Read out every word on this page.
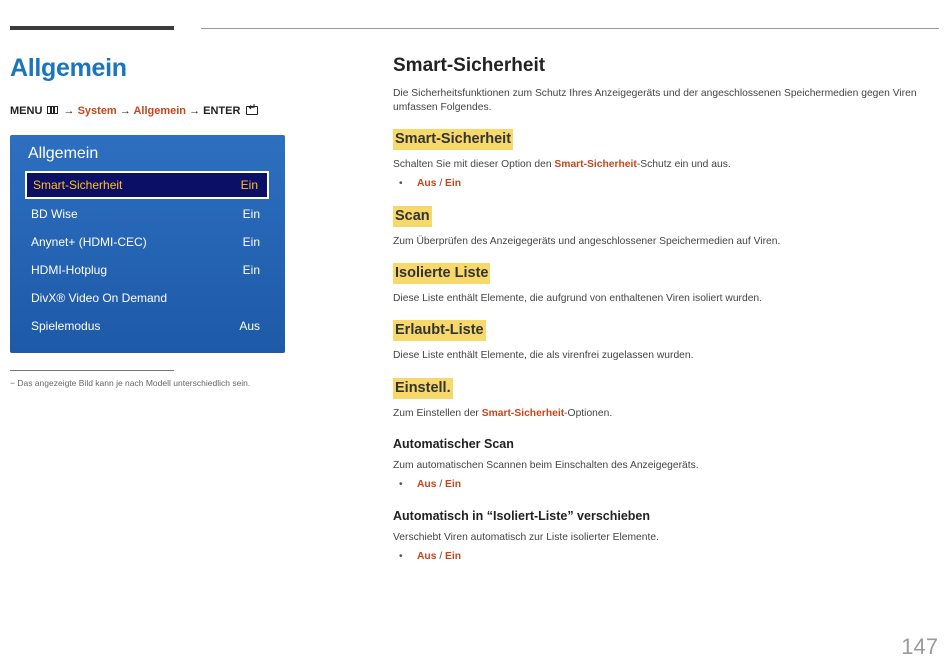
Allgemein
MENU → System → Allgemein → ENTER ↵
Allgemein
Smart-Sicherheit	Ein
BD Wise	Ein
Anynet+ (HDMI-CEC)	Ein
HDMI-Hotplug	Ein
DivX® Video On Demand
Spielemodus	Aus
− Das angezeigte Bild kann je nach Modell unterschiedlich sein.
Smart-Sicherheit
Die Sicherheitsfunktionen zum Schutz Ihres Anzeigegeräts und der angeschlossenen Speichermedien gegen Viren umfassen Folgendes.
Smart-Sicherheit
Schalten Sie mit dieser Option den Smart-Sicherheit-Schutz ein und aus.
• Aus / Ein
Scan
Zum Überprüfen des Anzeigegeräts und angeschlossener Speichermedien auf Viren.
Isolierte Liste
Diese Liste enthält Elemente, die aufgrund von enthaltenen Viren isoliert wurden.
Erlaubt-Liste
Diese Liste enthält Elemente, die als virenfrei zugelassen wurden.
Einstell.
Zum Einstellen der Smart-Sicherheit-Optionen.
Automatischer Scan
Zum automatischen Scannen beim Einschalten des Anzeigegeräts.
• Aus / Ein
Automatisch in “Isoliert-Liste” verschieben
Verschiebt Viren automatisch zur Liste isolierter Elemente.
• Aus / Ein
147
